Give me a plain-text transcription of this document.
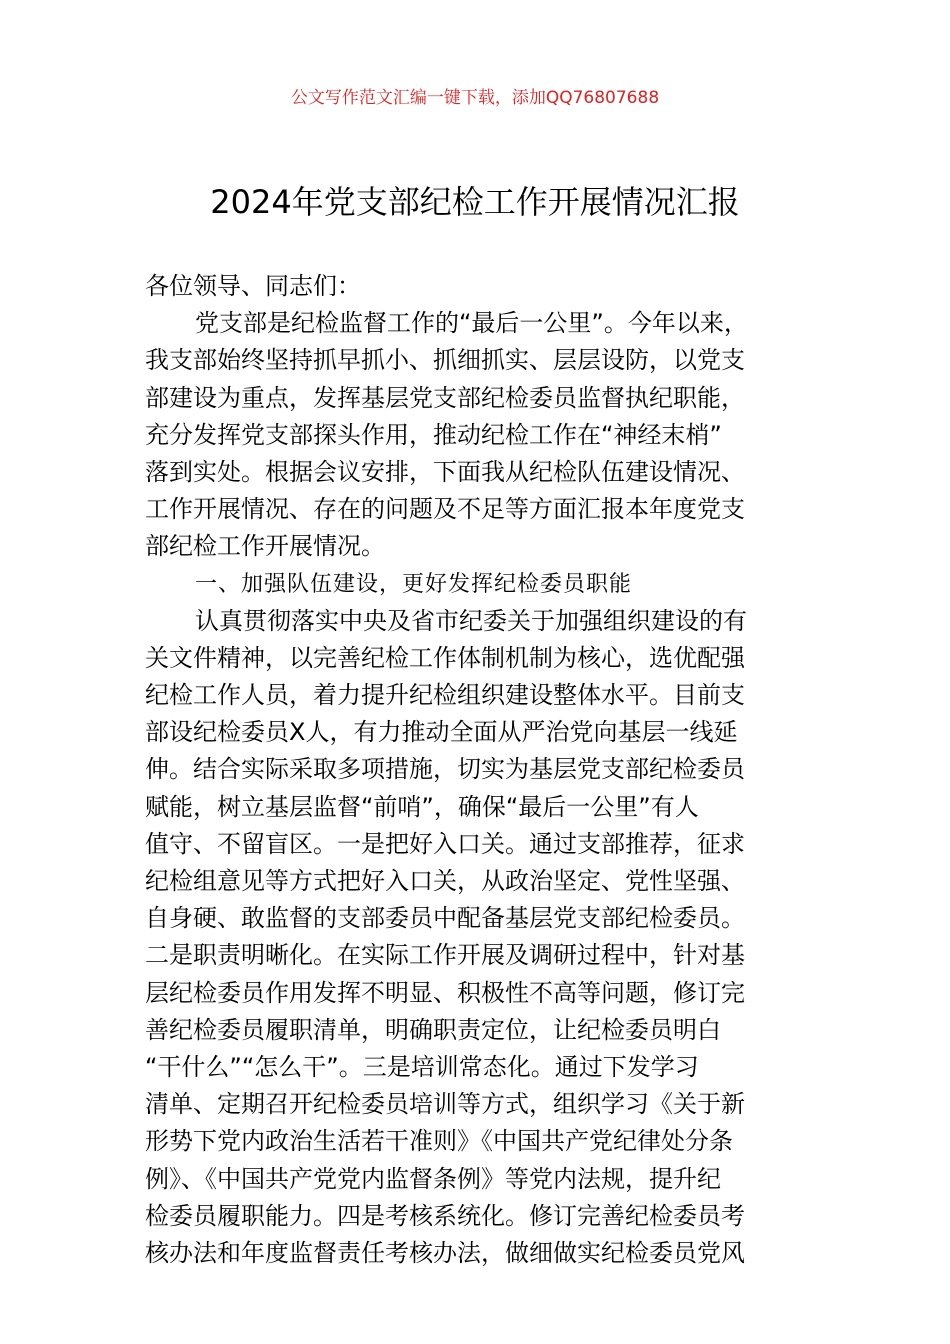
公文写作范文汇编一键下载，添加QQ76807688
2024年党支部纪检工作开展情况汇报
各位领导、同志们：
党支部是纪检监督工作的“最后一公里”。今年以来，
我支部始终坚持抓早抓小、抓细抓实、层层设防，以党支
部建设为重点，发挥基层党支部纪检委员监督执纪职能，
充分发挥党支部探头作用，推动纪检工作在“神经末梢”
落到实处。根据会议安排，下面我从纪检队伍建设情况、
工作开展情况、存在的问题及不足等方面汇报本年度党支
部纪检工作开展情况。
一、加强队伍建设，更好发挥纪检委员职能
认真贯彻落实中央及省市纪委关于加强组织建设的有
关文件精神，以完善纪检工作体制机制为核心，选优配强
纪检工作人员，着力提升纪检组织建设整体水平。目前支
部设纪检委员X人，有力推动全面从严治党向基层一线延
伸。结合实际采取多项措施，切实为基层党支部纪检委员
赋能，树立基层监督“前哨”，确保“最后一公里”有人
值守、不留盲区。一是把好入口关。通过支部推荐，征求
纪检组意见等方式把好入口关，从政治坚定、党性坚强、
自身硬、敢监督的支部委员中配备基层党支部纪检委员。
二是职责明晰化。在实际工作开展及调研过程中，针对基
层纪检委员作用发挥不明显、积极性不高等问题，修订完
善纪检委员履职清单，明确职责定位，让纪检委员明白
“干什么”“怎么干”。三是培训常态化。通过下发学习
清单、定期召开纪检委员培训等方式，组织学习《关于新
形势下党内政治生活若干准则》《中国共产党纪律处分条
例》、《中国共产党党内监督条例》等党内法规，提升纪
检委员履职能力。四是考核系统化。修订完善纪检委员考
核办法和年度监督责任考核办法，做细做实纪检委员党风
